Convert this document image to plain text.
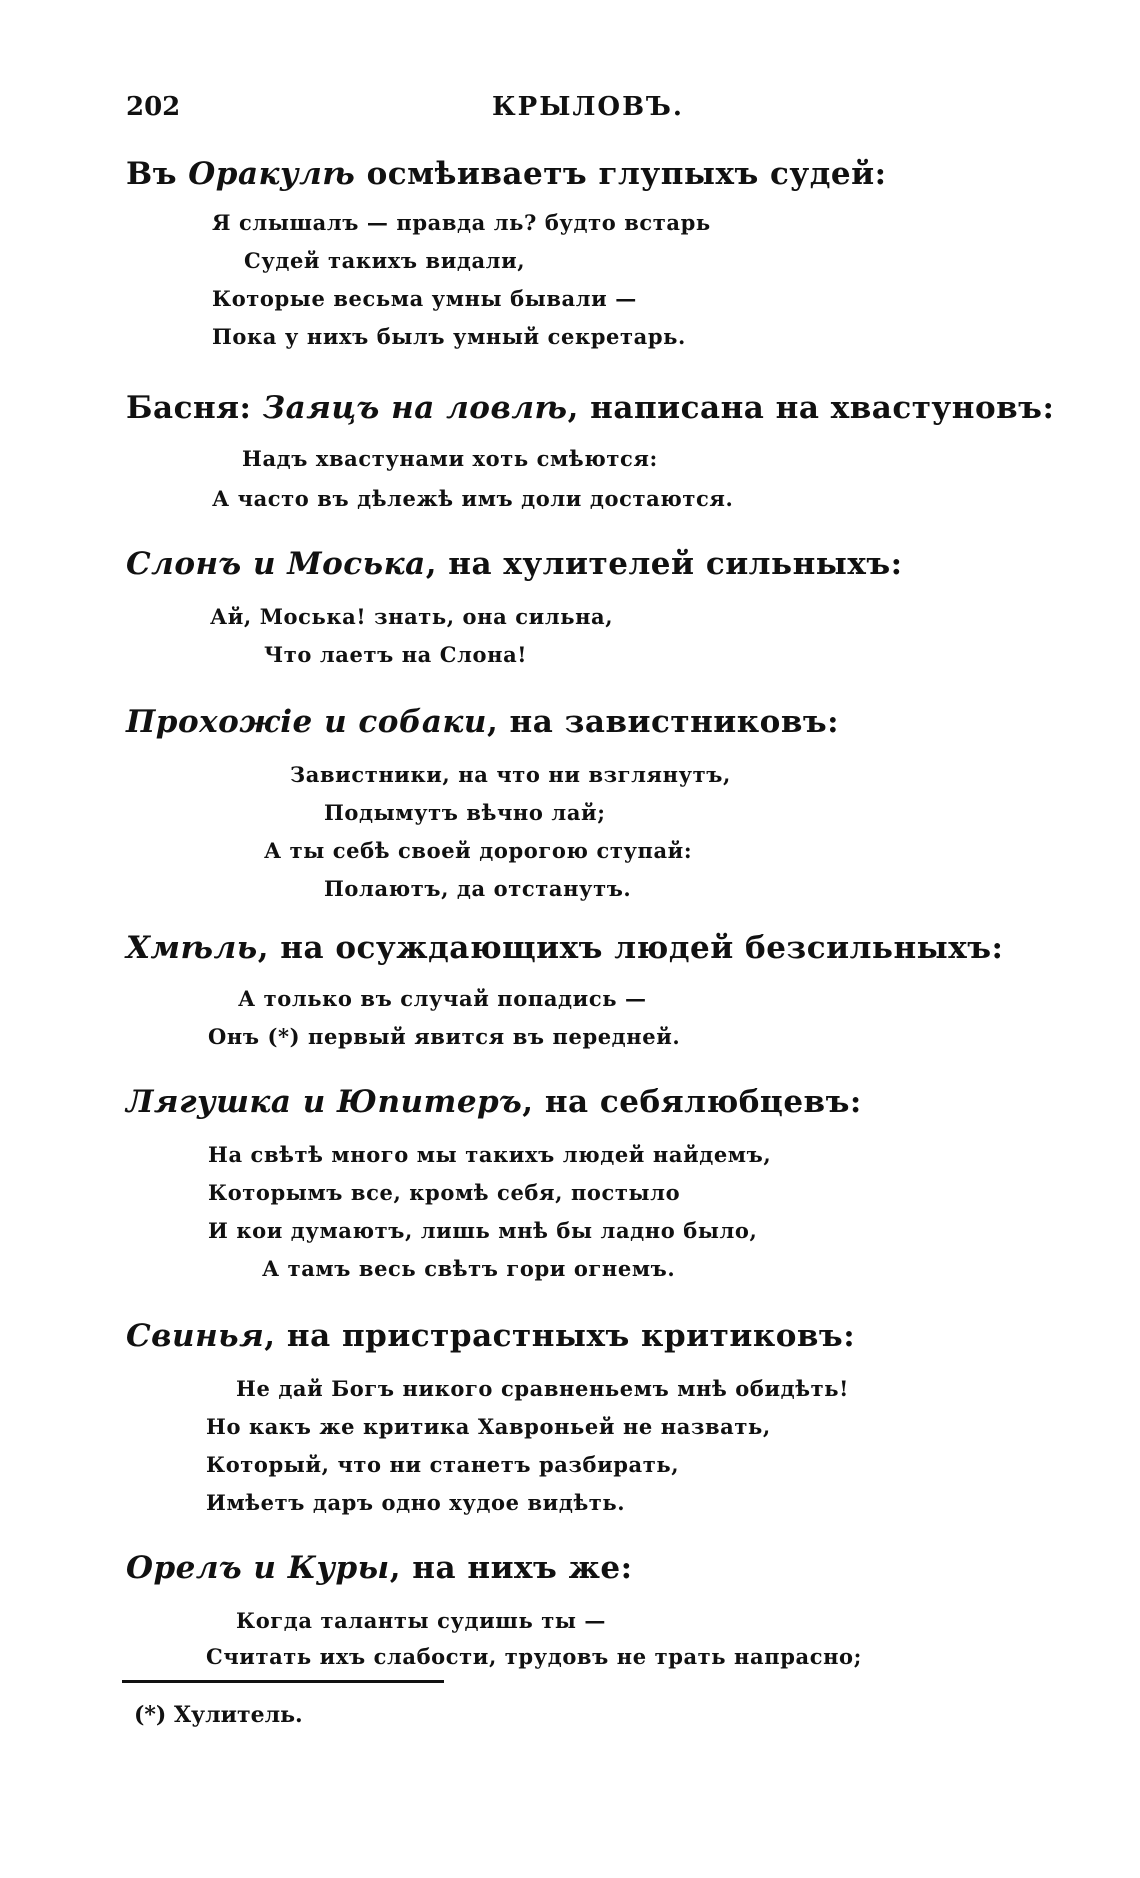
202	КРЫЛОВЪ.
Въ Оракулѣ осмѣиваетъ глупыхъ судей:
Я слышалъ — правда ль? будто встарь
Судей такихъ видали,
Которые весьма умны бывали —
Пока у нихъ былъ умный секретарь.
Басня: Заяцъ на ловлѣ, написана на хвастуновъ:
Надъ хвастунами хоть смѣются:
А часто въ дѣлежѣ имъ доли достаются.
Слонъ и Моська, на хулителей сильныхъ:
Ай, Моська! знать, она сильна,
Что лаетъ на Слона!
Прохожіе и собаки, на завистниковъ:
Завистники, на что ни взглянутъ,
Подымутъ вѣчно лай;
А ты себѣ своей дорогою ступай:
Полаютъ, да отстанутъ.
Хмѣль, на осуждающихъ людей безсильныхъ:
А только въ случай попадись —
Онъ (*) первый явится въ передней.
Лягушка и Юпитеръ, на себялюбцевъ:
На свѣтѣ много мы такихъ людей найдемъ,
Которымъ все, кромѣ себя, постыло
И кои думаютъ, лишь мнѣ бы ладно было,
А тамъ весь свѣтъ гори огнемъ.
Свинья, на пристрастныхъ критиковъ:
Не дай Богъ никого сравненьемъ мнѣ обидѣть!
Но какъ же критика Хавроньей не назвать,
Который, что ни станетъ разбирать,
Имѣетъ даръ одно худое видѣть.
Орелъ и Куры, на нихъ же:
Когда таланты судишь ты —
Считать ихъ слабости, трудовъ не трать напрасно;
(*) Хулитель.
